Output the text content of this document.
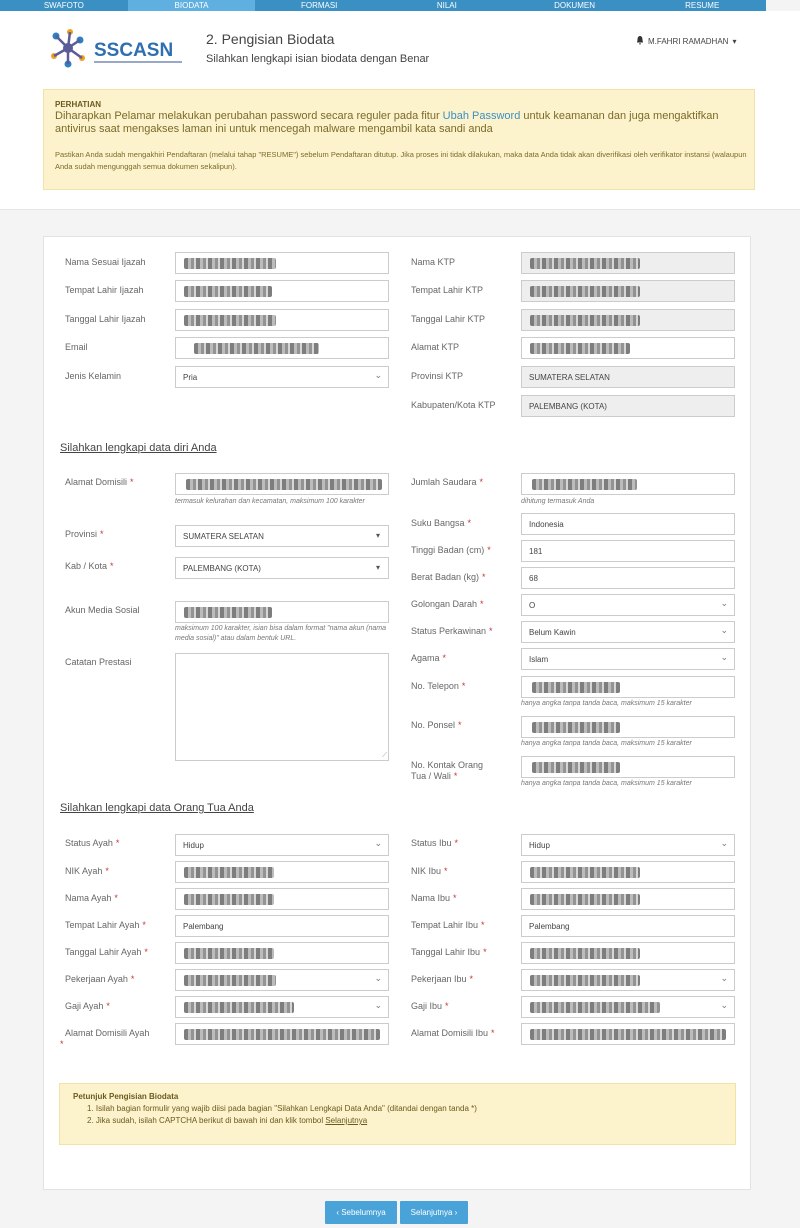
SWAFOTO	BIODATA	FORMASI	NILAI	DOKUMEN	RESUME
SSCASN
2. Pengisian Biodata
Silahkan lengkapi isian biodata dengan Benar
M.FAHRI RAMADHAN ▾
PERHATIAN
Diharapkan Pelamar melakukan perubahan password secara reguler pada fitur Ubah Password untuk keamanan dan juga mengaktifkan antivirus saat mengakses laman ini untuk mencegah malware mengambil kata sandi anda
Pastikan Anda sudah mengakhiri Pendaftaran (melalui tahap "RESUME") sebelum Pendaftaran ditutup. Jika proses ini tidak dilakukan, maka data Anda tidak akan diverifikasi oleh verifikator instansi (walaupun Anda sudah mengunggah semua dokumen sekalipun).
Nama Sesuai Ijazah
Tempat Lahir Ijazah
Tanggal Lahir Ijazah
Email
Jenis Kelamin	Pria
⌄
Nama KTP
Tempat Lahir KTP
Tanggal Lahir KTP
Alamat KTP
Provinsi KTP	SUMATERA SELATAN
Kabupaten/Kota KTP	PALEMBANG (KOTA)
Silahkan lengkapi data diri Anda
Alamat Domisili *
termasuk kelurahan dan kecamatan, maksimum 100 karakter
Provinsi *	SUMATERA SELATAN
▾
Kab / Kota *	PALEMBANG (KOTA)
▾
Akun Media Sosial
maksimum 100 karakter, isian bisa dalam format "nama akun (nama media sosial)" atau dalam bentuk URL.
Catatan Prestasi
⟋
Jumlah Saudara *
dihitung termasuk Anda
Suku Bangsa *	Indonesia
Tinggi Badan (cm) *	181
Berat Badan (kg) *	68
Golongan Darah *	O
⌄
Status Perkawinan *	Belum Kawin
⌄
Agama *	Islam
⌄
No. Telepon *
hanya angka tanpa tanda baca, maksimum 15 karakter
No. Ponsel *
hanya angka tanpa tanda baca, maksimum 15 karakter
No. Kontak Orang
Tua / Wali *
hanya angka tanpa tanda baca, maksimum 15 karakter
Silahkan lengkapi data Orang Tua Anda
Status Ayah *	Hidup
⌄
NIK Ayah *
Nama Ayah *
Tempat Lahir Ayah *	Palembang
Tanggal Lahir Ayah *
Pekerjaan Ayah *
⌄
Gaji Ayah *
⌄
Alamat Domisili Ayah
*
Status Ibu *	Hidup
⌄
NIK Ibu *
Nama Ibu *
Tempat Lahir Ibu *	Palembang
Tanggal Lahir Ibu *
Pekerjaan Ibu *
⌄
Gaji Ibu *
⌄
Alamat Domisili Ibu *
Petunjuk Pengisian Biodata
1. Isilah bagian formulir yang wajib diisi pada bagian "Silahkan Lengkapi Data Anda" (ditandai dengan tanda *)
2. Jika sudah, isilah CAPTCHA berikut di bawah ini dan klik tombol Selanjutnya
‹ Sebelumnya	Selanjutnya ›
